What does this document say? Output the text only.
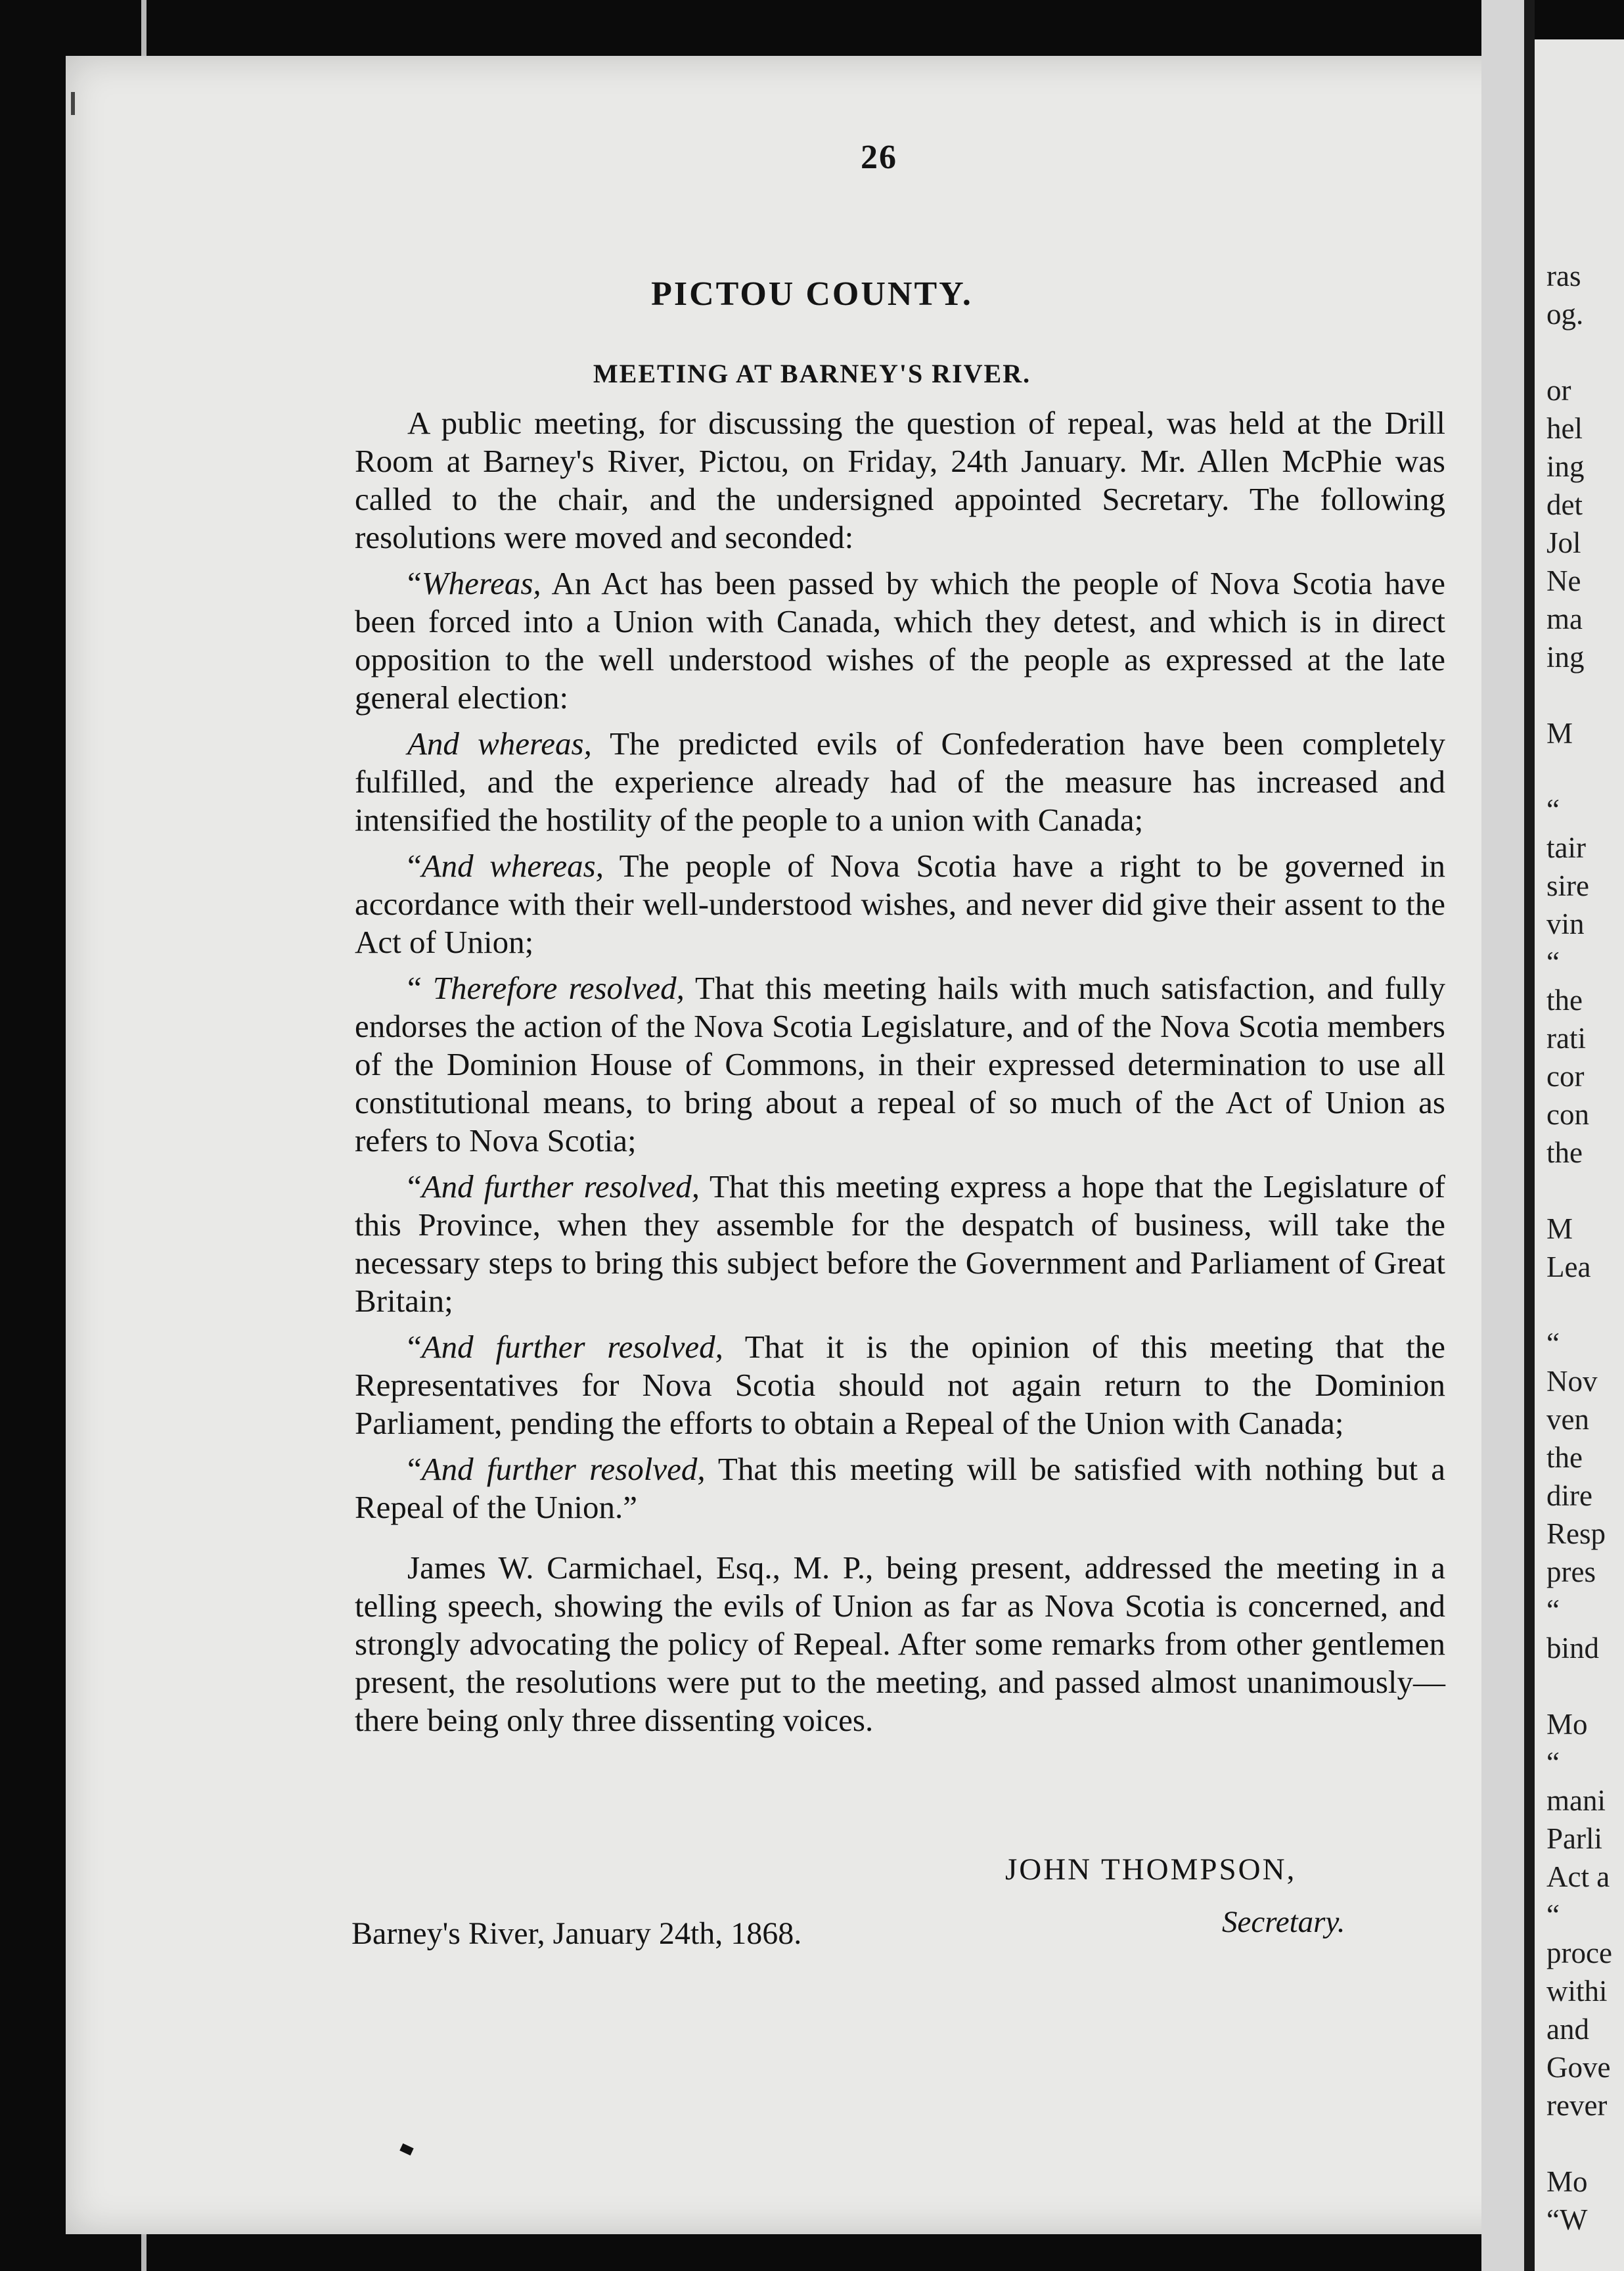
ras
og.
or
hel
ing
det
Jol
Ne
ma
ing
M
“
tair
sire
vin
“
the
rati
cor
con
the
M
Lea
“
Nov
ven
the
dire
Resp
pres
“
bind
Mo
“
mani
Parli
Act a
“
proce
withi
and
Gove
rever
Mo
“W
26
PICTOU COUNTY.
MEETING AT BARNEY'S RIVER.

A public meeting, for discussing the question of repeal, was held at the Drill Room at Barney's River, Pictou, on Friday, 24th January. Mr. Allen McPhie was called to the chair, and the undersigned appointed Secretary. The following resolutions were moved and seconded:

“Whereas, An Act has been passed by which the people of Nova Scotia have been forced into a Union with Canada, which they detest, and which is in direct opposition to the well understood wishes of the people as expressed at the late general election:

And whereas, The predicted evils of Confederation have been completely fulfilled, and the experience already had of the measure has increased and intensified the hostility of the people to a union with Canada;

“And whereas, The people of Nova Scotia have a right to be governed in accordance with their well-understood wishes, and never did give their assent to the Act of Union;

“ Therefore resolved, That this meeting hails with much satisfaction, and fully endorses the action of the Nova Scotia Legislature, and of the Nova Scotia members of the Dominion House of Commons, in their expressed determination to use all constitutional means, to bring about a repeal of so much of the Act of Union as refers to Nova Scotia;

“And further resolved, That this meeting express a hope that the Legislature of this Province, when they assemble for the despatch of business, will take the necessary steps to bring this subject before the Government and Parliament of Great Britain;

“And further resolved, That it is the opinion of this meeting that the Representatives for Nova Scotia should not again return to the Dominion Parliament, pending the efforts to obtain a Repeal of the Union with Canada;

“And further resolved, That this meeting will be satisfied with nothing but a Repeal of the Union.”

James W. Carmichael, Esq., M. P., being present, addressed the meeting in a telling speech, showing the evils of Union as far as Nova Scotia is concerned, and strongly advocating the policy of Repeal. After some remarks from other gentlemen present, the resolutions were put to the meeting, and passed almost unanimously—there being only three dissenting voices.

JOHN THOMPSON,
Secretary.
Barney's River, January 24th, 1868.
